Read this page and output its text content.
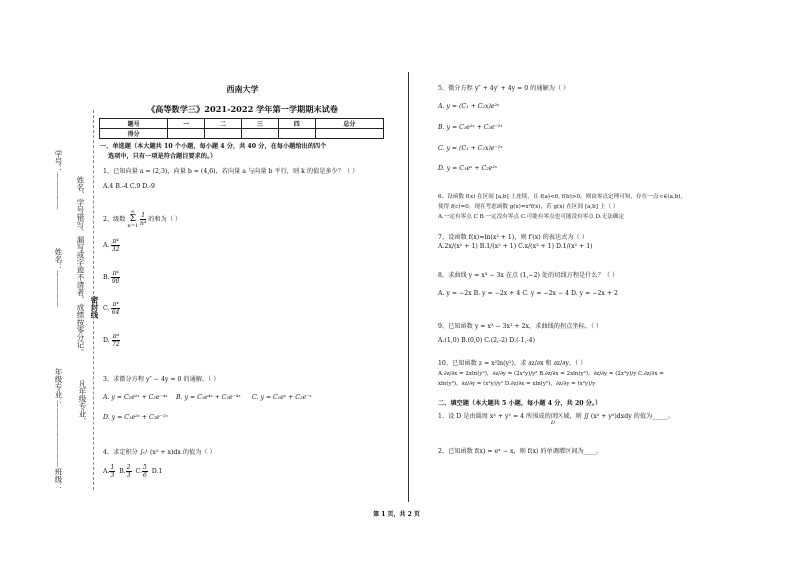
学号：
姓名：
年级专业：
班级：
—————
—————
—————————
姓名、学号错写、漏写或字迹不清者，成绩按零分记。
凡年级专业、
密封线
西南大学
《高等数学三》2021-2022 学年第一学期期末试卷
题号	一	二	三	四	总分
得分					
一、单选题（本大题共 10 个小题，每小题 4 分，共 40 分，在每小题给出的四个
选项中，只有一项是符合题目要求的。）
1、已知向量 a = (2,3)，向量 b = (4,6)，若向量 a 与向量 b 平行，则 k 的值是多少？（ ）
A.4 B.-4 C.9 D.-9
2、级数
∞
Σ
n=1
$\frac{1}{\text{n⁴}}$ 的和为（ ）
A. $\frac{\text{π⁴}}{32}$
B. $\frac{\text{π⁴}}{90}$
C. $\frac{\text{π⁴}}{64}$
D. $\frac{\text{π⁴}}{72}$
3、求微分方程 y″ − 4y = 0 的通解。（ ）
A. y = C₁e²ˣ + C₂e⁻⁴ˣ B. y = C₁e⁴ˣ + C₂e⁻⁴ˣ C. y = C₁eˣ + C₂e⁻ˣ
D. y = C₁e²ˣ + C₂e⁻²ˣ
4、求定积分 ∫₀¹ (x² + x)dx 的值为（ ）
A. $\frac{1}{3} B$. $\frac{2}{3} C$. $\frac{5}{6} D.1$
5、微分方程 y″ + 4y′ + 4y = 0 的通解为（ ）
A. y = (C₁ + C₂x)e²ˣ
B. y = C₁e²ˣ + C₂e⁻²ˣ
C. y = (C₁ + C₂x)e⁻²ˣ
D. y = C₁eˣ + C₂e²ˣ
6、设函数 f(x) 在区间 [a,b] 上连续，且 f(a)<0, f(b)>0，则由零点定理可知，存在一点 c∈(a,b),
使得 f(c)=0。现在考虑函数 g(x)=x²f(x)，若 g(x) 在区间 [a,b] 上（ ）
A.一定有零点 C B.一定没有零点 C.可能有零点也可能没有零点 D.无法确定
7、设函数 f(x)=ln(x² + 1)，则 f′(x) 的表达式为（ ）
A.2x/(x² + 1) B.1/(x² + 1) C.x/(x² + 1) D.1/(x² + 1)
8、求曲线 y = x³ − 3x 在点 (1,−2) 处的切线方程是什么？（ ）
A. y = −2x B. y = −2x + 4 C. y = −2x − 4 D. y = −2x + 2
9、已知函数 y = x³ − 3x² + 2x，求曲线的拐点坐标。（ ）
A.(1,0) B.(0,0) C.(2,-2) D.(-1,-4)
10、已知函数 z = x²ln(y²)，求 ∂z/∂x 和 ∂z/∂y。（ ）
A.∂z/∂x = 2xln(y²)，∂z/∂y = (2x²y)/y² B.∂z/∂x = 2xln(y²)，∂z/∂y = (2x²y)/y C.∂z/∂x =
xln(y²)，∂z/∂y = (x²y)/y² D.∂z/∂x = xln(y²)，∂z/∂y = (x²y)/y
二、填空题（本大题共 5 小题，每小题 4 分，共 20 分。）
1、设 D 是由圆周 x² + y² = 4 所围成的闭区域，则 ∬ (x² + y²)dxdy 的值为_____。
D
2、已知函数 f(x) = eˣ − x，则 f(x) 的单调增区间为____。
第 1 页，共 2 页
